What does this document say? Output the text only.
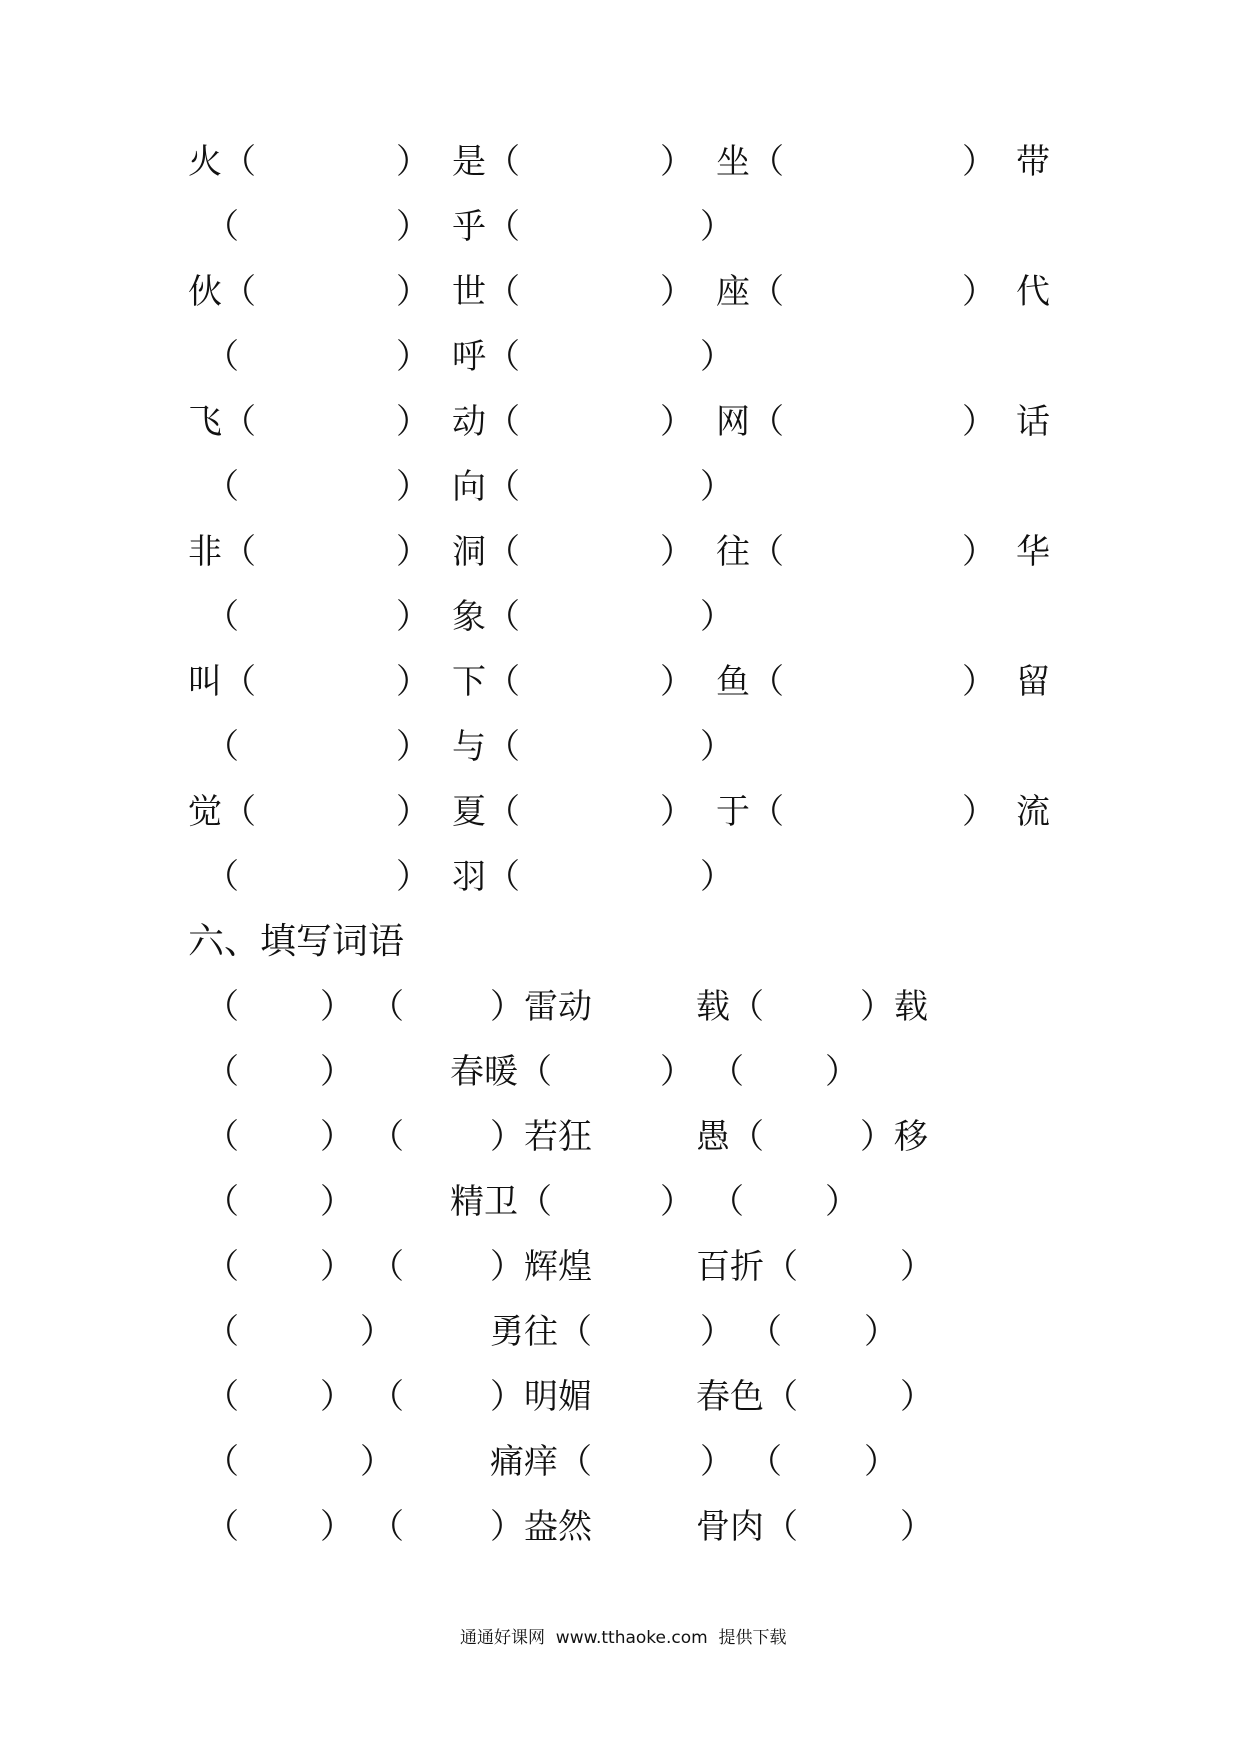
火（	） 是（	） 坐（	） 带
（	） 乎（	）
伙（	） 世（	） 座（	） 代
（	） 呼（	）
飞（	） 动（	） 网（	） 话
（	） 向（	）
非（	） 洞（	） 往（	） 华
（	） 象（	）
叫（	） 下（	） 鱼（	） 留
（	） 与（	）
觉（	） 夏（	） 于（	） 流
（	） 羽（	）
六、填写词语
（ ） （	）雷动	载（	）载
（ ）	春暖（	） （ ）
（ ） （	）若狂	愚（	）移
（ ）	精卫（	） （ ）
（ ） （	）辉煌	百折（	）
（	）	勇往（	） （ ）
（ ） （	）明媚	春色（	）
（	）	痛痒（	） （ ）
（ ） （	）盎然	骨肉（	）
通通好课网  www.tthaoke.com  提供下载
